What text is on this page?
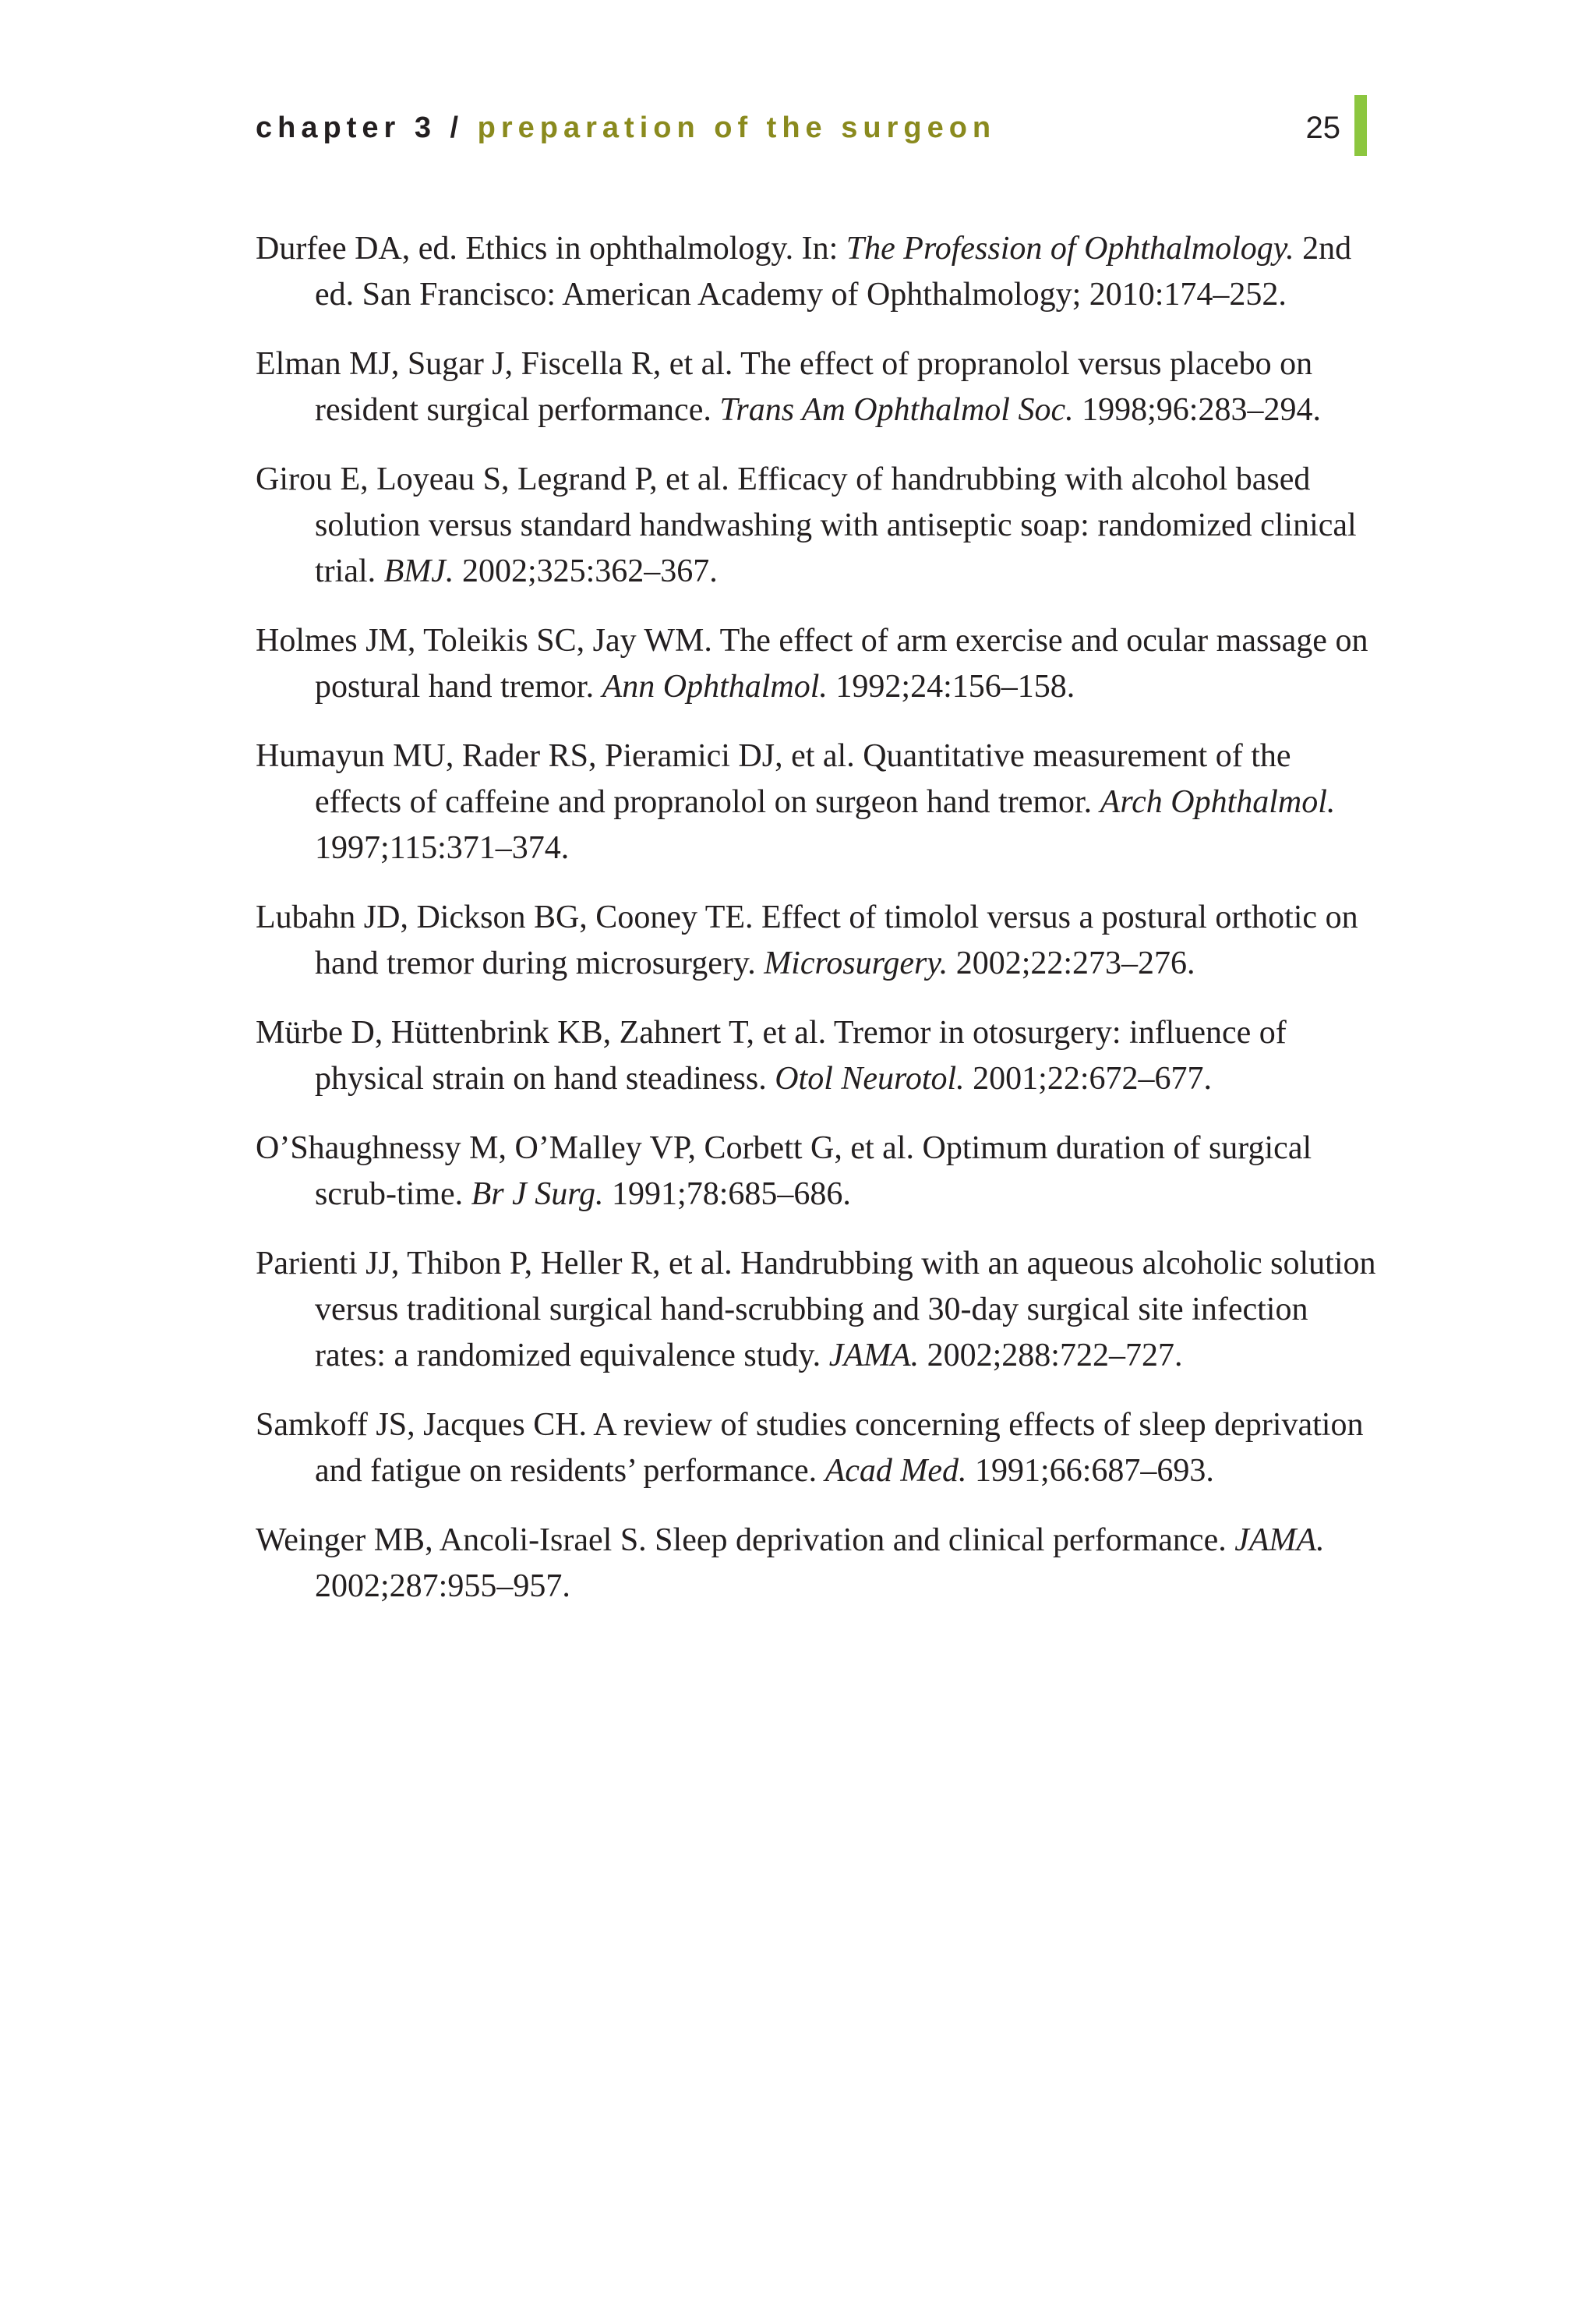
chapter 3 / preparation of the surgeon	25
Durfee DA, ed. Ethics in ophthalmology. In: The Profession of Ophthalmology. 2nd ed. San Francisco: American Academy of Ophthalmology; 2010:174–252.
Elman MJ, Sugar J, Fiscella R, et al. The effect of propranolol versus placebo on resident surgical performance. Trans Am Ophthalmol Soc. 1998;96:283–294.
Girou E, Loyeau S, Legrand P, et al. Efficacy of handrubbing with alcohol based solution versus standard handwashing with antiseptic soap: randomized clinical trial. BMJ. 2002;325:362–367.
Holmes JM, Toleikis SC, Jay WM. The effect of arm exercise and ocular massage on postural hand tremor. Ann Ophthalmol. 1992;24:156–158.
Humayun MU, Rader RS, Pieramici DJ, et al. Quantitative measurement of the effects of caffeine and propranolol on surgeon hand tremor. Arch Ophthalmol. 1997;115:371–374.
Lubahn JD, Dickson BG, Cooney TE. Effect of timolol versus a postural orthotic on hand tremor during microsurgery. Microsurgery. 2002;22:273–276.
Mürbe D, Hüttenbrink KB, Zahnert T, et al. Tremor in otosurgery: influence of physical strain on hand steadiness. Otol Neurotol. 2001;22:672–677.
O’Shaughnessy M, O’Malley VP, Corbett G, et al. Optimum duration of surgical scrub-time. Br J Surg. 1991;78:685–686.
Parienti JJ, Thibon P, Heller R, et al. Handrubbing with an aqueous alcoholic solution versus traditional surgical hand-scrubbing and 30-day surgical site infection rates: a randomized equivalence study. JAMA. 2002;288:722–727.
Samkoff JS, Jacques CH. A review of studies concerning effects of sleep deprivation and fatigue on residents’ performance. Acad Med. 1991;66:687–693.
Weinger MB, Ancoli-Israel S. Sleep deprivation and clinical performance. JAMA. 2002;287:955–957.
